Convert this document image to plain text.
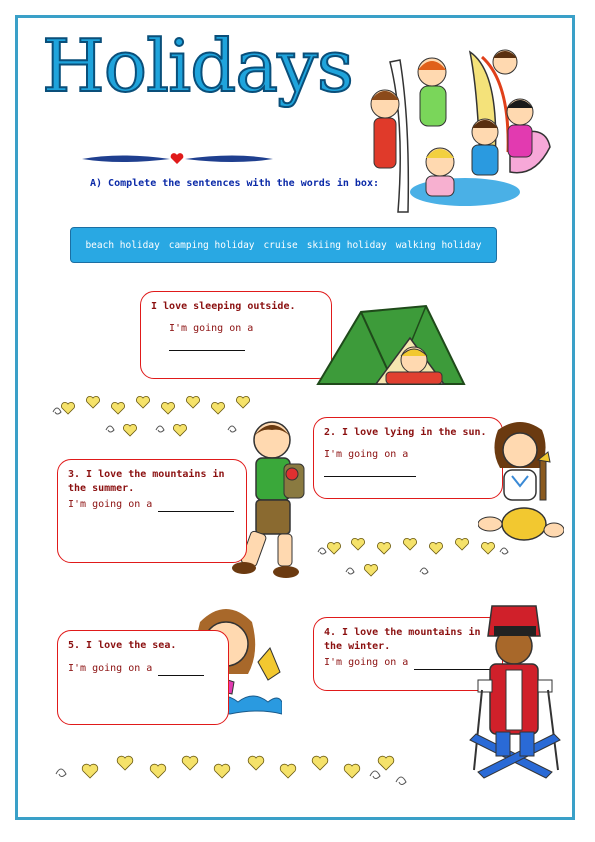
Holidays
A) Complete the sentences with the words in box:
beach holiday camping holiday cruise skiing holiday walking holiday
I love sleeping outside.
I'm going on a

2. I love lying in the sun.
I'm going on a
3. I love the mountains in the summer.
I'm going on a
4. I love the mountains in the winter.
I'm going on a
5. I love the sea.
I'm going on a
